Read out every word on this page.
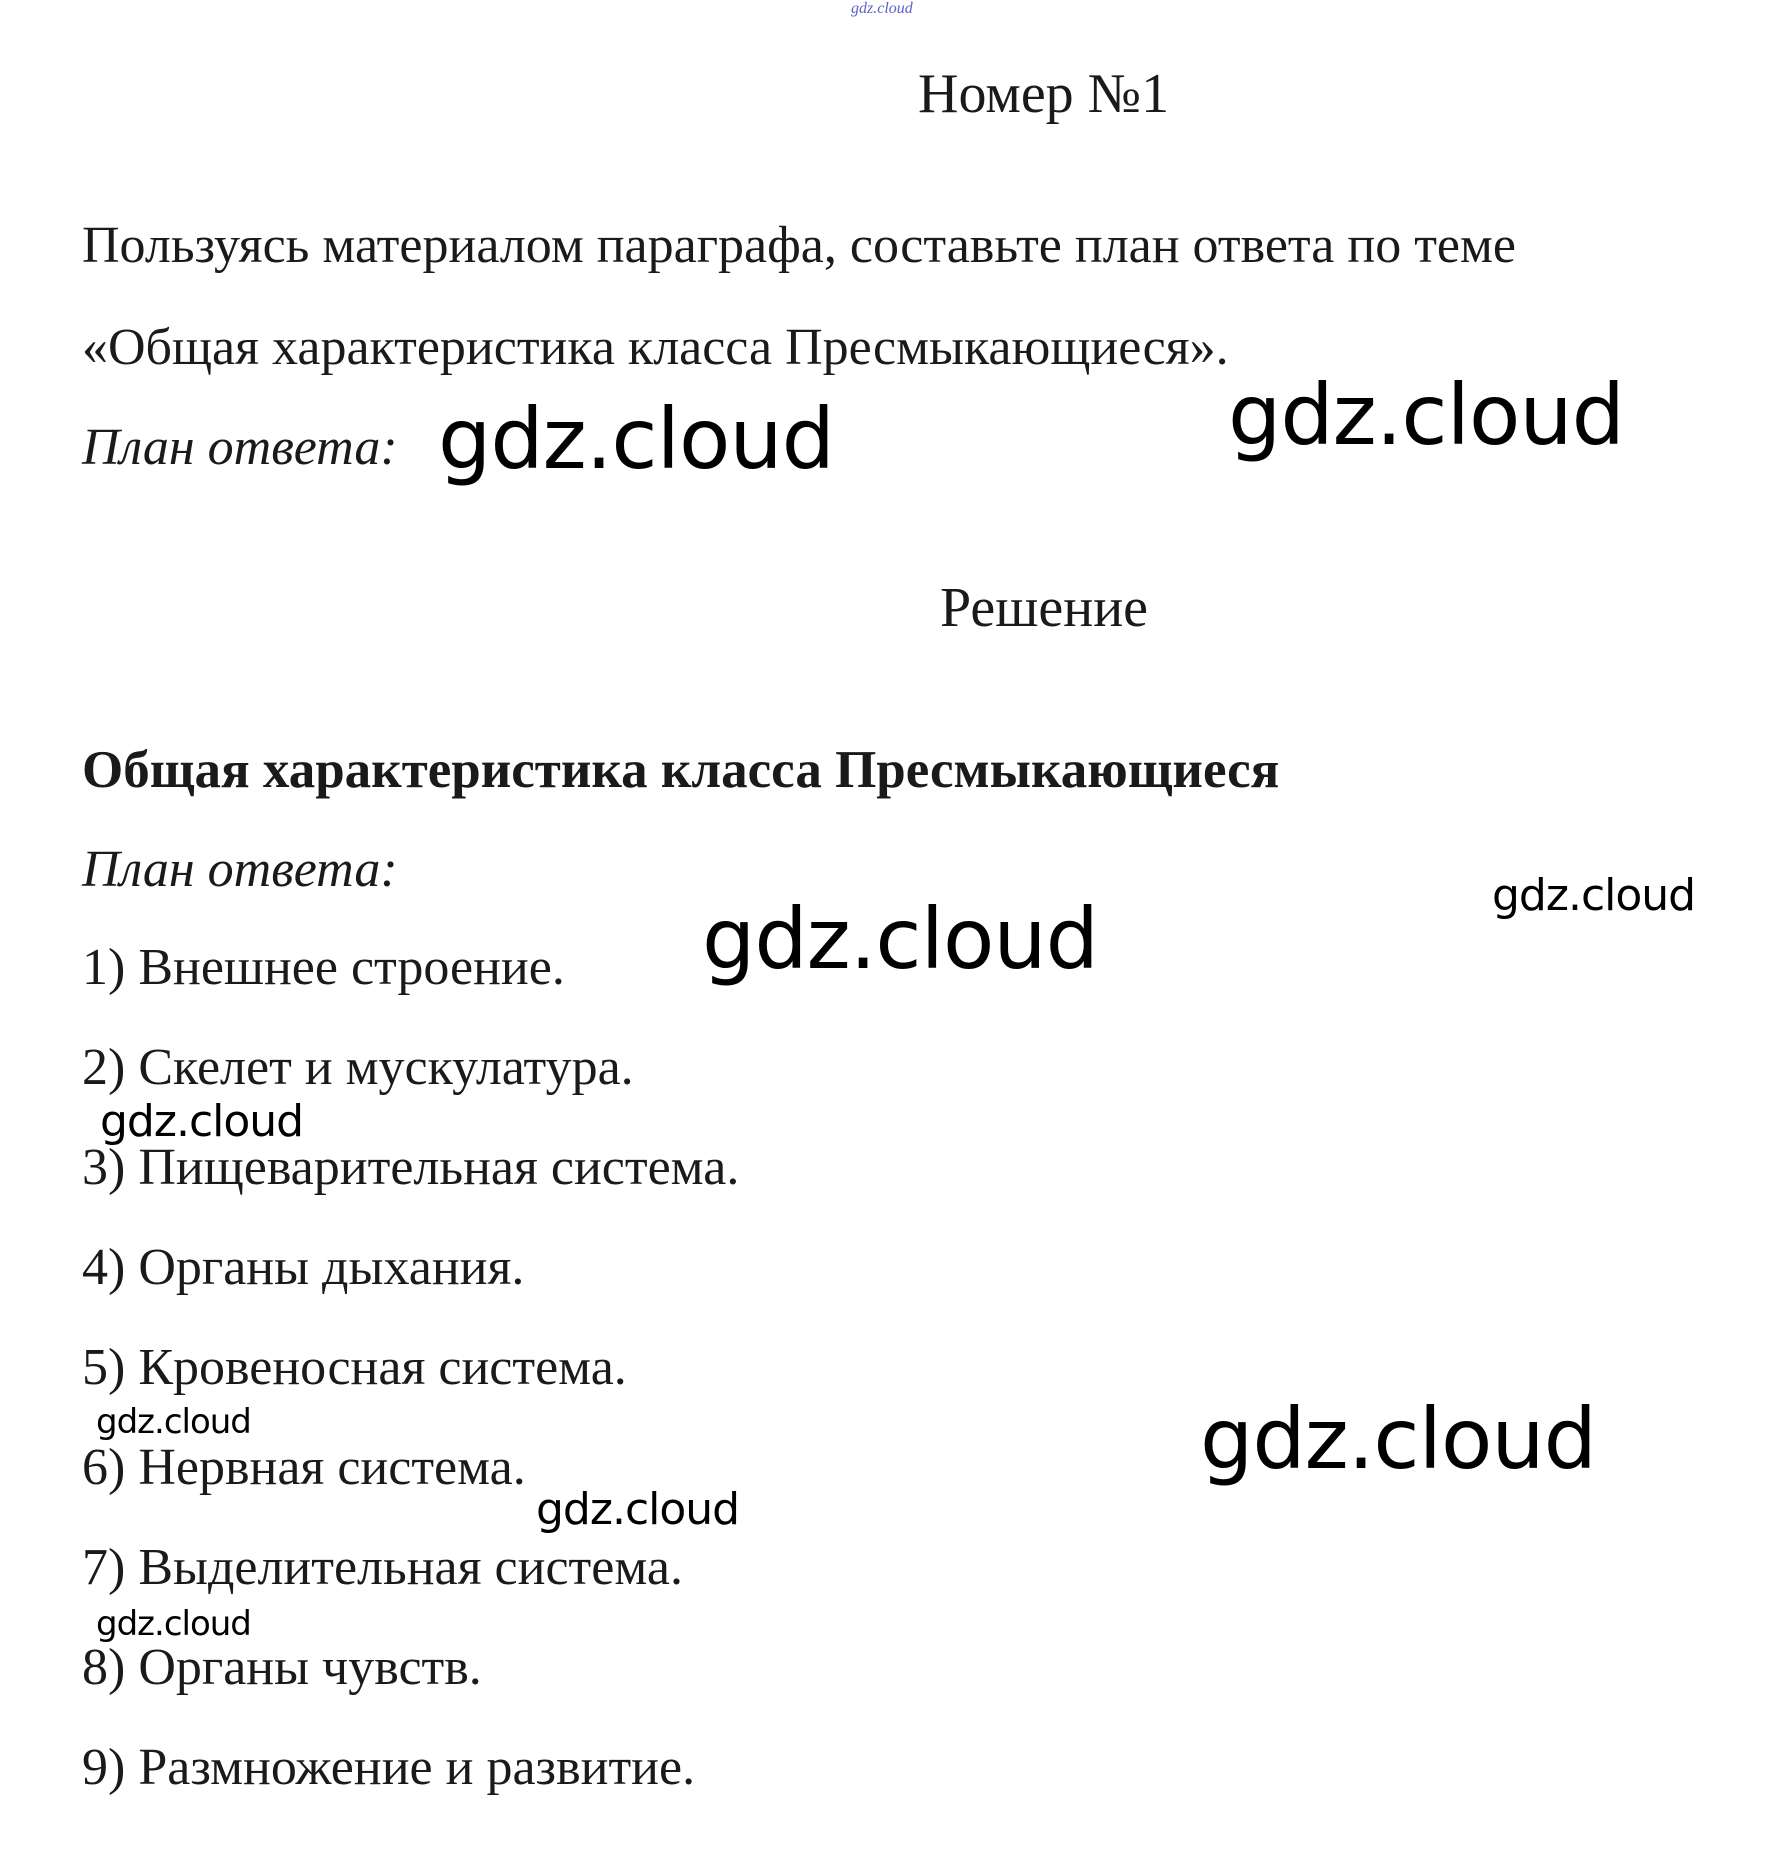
gdz.cloud
Номер №1
Пользуясь материалом параграфа, составьте план ответа по теме
«Общая характеристика класса Пресмыкающиеся».
План ответа:
Решение
Общая характеристика класса Пресмыкающиеся
План ответа:
1) Внешнее строение.
2) Скелет и мускулатура.
3) Пищеварительная система.
4) Органы дыхания.
5) Кровеносная система.
6) Нервная система.
7) Выделительная система.
8) Органы чувств.
9) Размножение и развитие.
gdz.cloud	gdz.cloud
gdz.cloud
gdz.cloud
gdz.cloud
gdz.cloud	gdz.cloud
gdz.cloud
gdz.cloud
